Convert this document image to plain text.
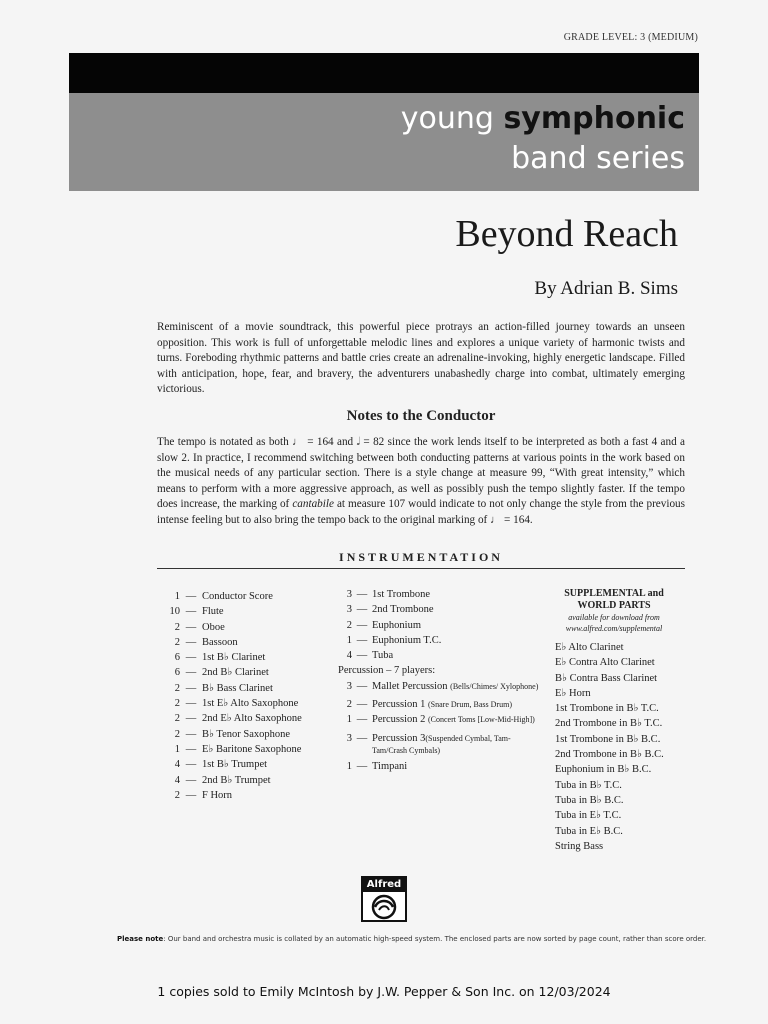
GRADE LEVEL: 3 (MEDIUM)
young symphonic
band series
Beyond Reach
By Adrian B. Sims
Reminiscent of a movie soundtrack, this powerful piece protrays an action-filled journey towards an unseen opposition. This work is full of unforgettable melodic lines and explores a unique variety of harmonic twists and turns. Foreboding rhythmic patterns and battle cries create an adrenaline-invoking, highly energetic landscape. Filled with anticipation, hope, fear, and bravery, the adventurers unabashedly charge into combat, ultimately emerging victorious.
Notes to the Conductor
The tempo is notated as both ♩ = 164 and 𝅗𝅥 = 82 since the work lends itself to be interpreted as both a fast 4 and a slow 2. In practice, I recommend switching between both conducting patterns at various points in the work based on the musical needs of any particular section. There is a style change at measure 99, “With great intensity,” which means to perform with a more aggressive approach, as well as possibly push the tempo slightly faster. If the tempo does increase, the marking of cantabile at measure 107 would indicate to not only change the style from the previous intense feeling but to also bring the tempo back to the original marking of ♩ = 164.
INSTRUMENTATION
1 — Conductor Score
10 — Flute
2 — Oboe
2 — Bassoon
6 — 1st B♭ Clarinet
6 — 2nd B♭ Clarinet
2 — B♭ Bass Clarinet
2 — 1st E♭ Alto Saxophone
2 — 2nd E♭ Alto Saxophone
2 — B♭ Tenor Saxophone
1 — E♭ Baritone Saxophone
4 — 1st B♭ Trumpet
4 — 2nd B♭ Trumpet
2 — F Horn
3 — 1st Trombone
3 — 2nd Trombone
2 — Euphonium
1 — Euphonium T.C.
4 — Tuba
Percussion – 7 players:
3 — Mallet Percussion (Bells/Chimes/ Xylophone)
2 — Percussion 1 (Snare Drum, Bass Drum)
1 — Percussion 2 (Concert Toms [Low-Mid-High])
3 — Percussion 3(Suspended Cymbal, Tam-Tam/Crash Cymbals)
1 — Timpani
SUPPLEMENTAL and
WORLD PARTS
available for download from
www.alfred.com/supplemental
E♭ Alto Clarinet
E♭ Contra Alto Clarinet
B♭ Contra Bass Clarinet
E♭ Horn
1st Trombone in B♭ T.C.
2nd Trombone in B♭ T.C.
1st Trombone in B♭ B.C.
2nd Trombone in B♭ B.C.
Euphonium in B♭ B.C.
Tuba in B♭ T.C.
Tuba in B♭ B.C.
Tuba in E♭ T.C.
Tuba in E♭ B.C.
String Bass
Alfred
Please note: Our band and orchestra music is collated by an automatic high-speed system. The enclosed parts are now sorted by page count, rather than score order.
1 copies sold to Emily McIntosh by J.W. Pepper & Son Inc. on 12/03/2024
